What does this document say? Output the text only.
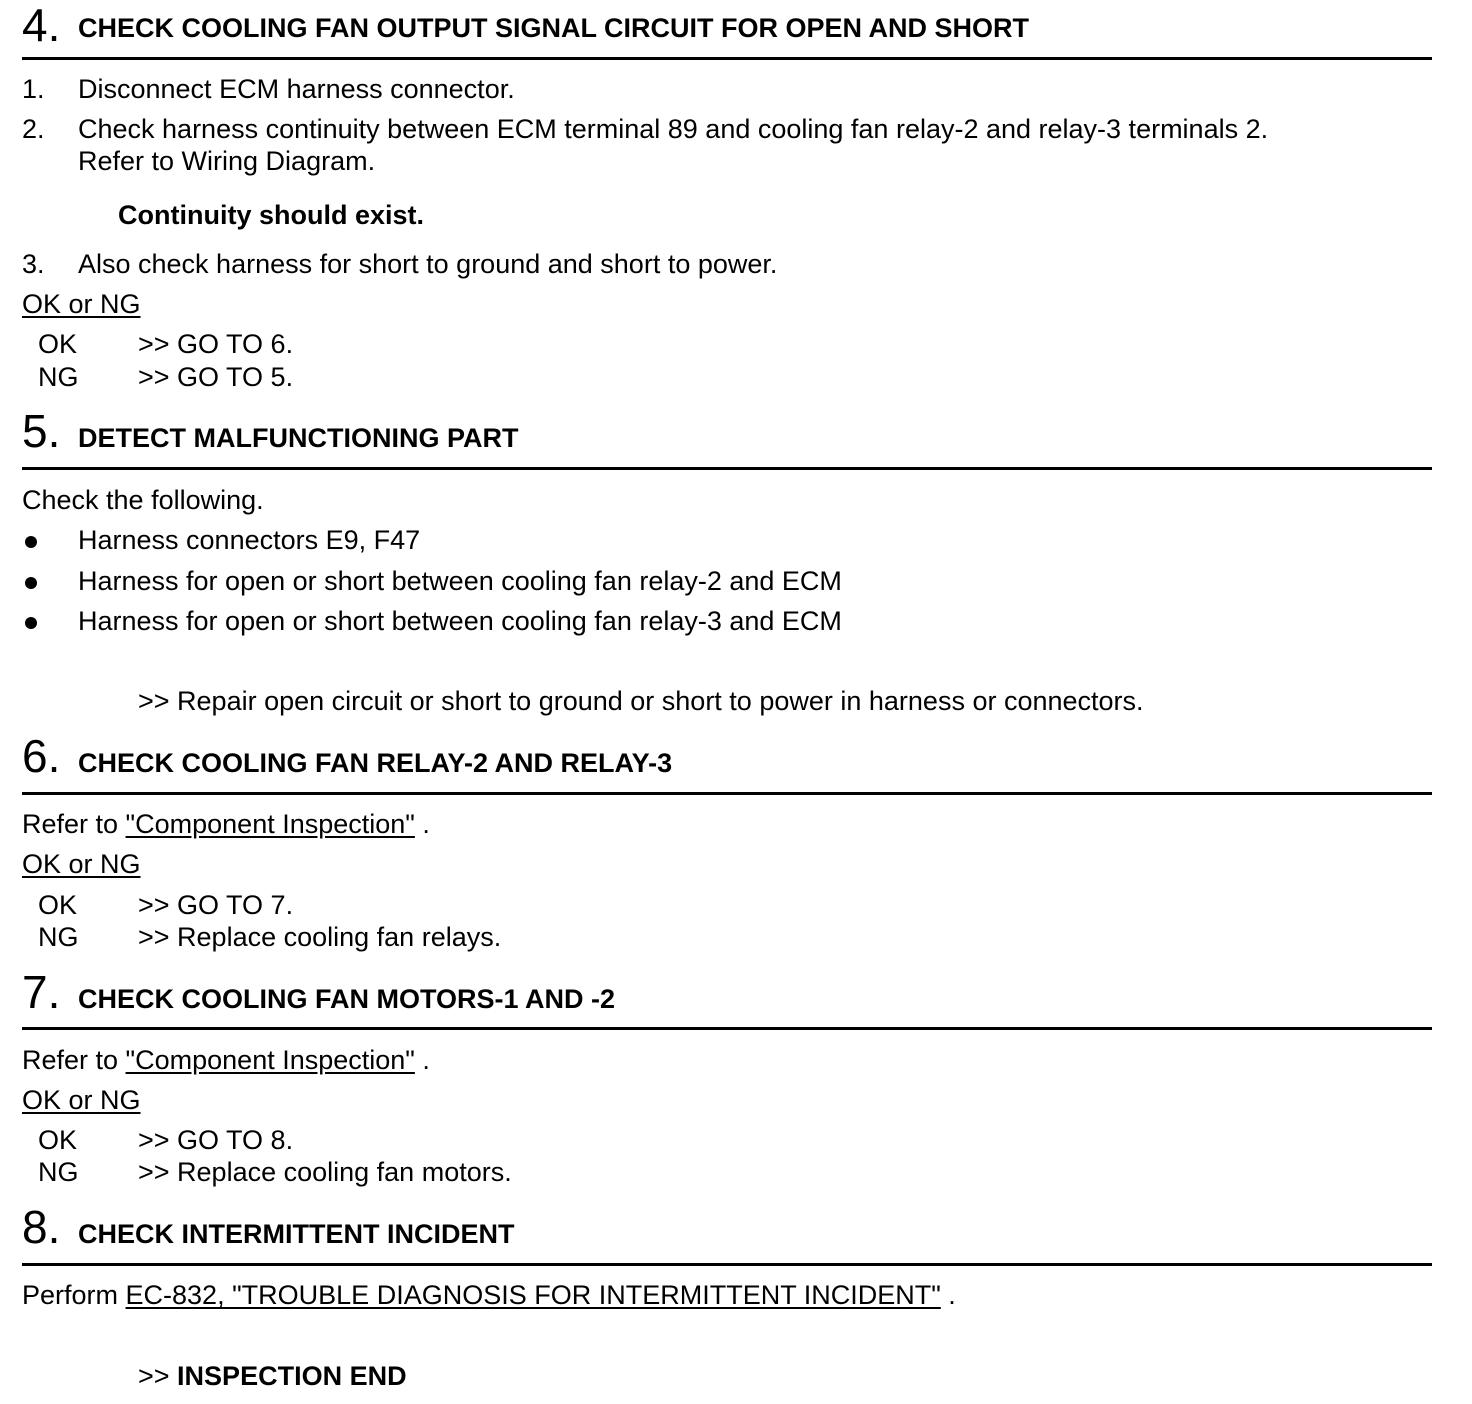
4. CHECK COOLING FAN OUTPUT SIGNAL CIRCUIT FOR OPEN AND SHORT
1. Disconnect ECM harness connector.
2. Check harness continuity between ECM terminal 89 and cooling fan relay-2 and relay-3 terminals 2.
Refer to Wiring Diagram.
Continuity should exist.
3. Also check harness for short to ground and short to power.
OK or NG
OK >> GO TO 6.
NG >> GO TO 5.
5. DETECT MALFUNCTIONING PART
Check the following.
Harness connectors E9, F47
Harness for open or short between cooling fan relay-2 and ECM
Harness for open or short between cooling fan relay-3 and ECM
>> Repair open circuit or short to ground or short to power in harness or connectors.
6. CHECK COOLING FAN RELAY-2 AND RELAY-3
Refer to "Component Inspection" .
OK or NG
OK >> GO TO 7.
NG >> Replace cooling fan relays.
7. CHECK COOLING FAN MOTORS-1 AND -2
Refer to "Component Inspection" .
OK or NG
OK >> GO TO 8.
NG >> Replace cooling fan motors.
8. CHECK INTERMITTENT INCIDENT
Perform EC-832, "TROUBLE DIAGNOSIS FOR INTERMITTENT INCIDENT" .
>> INSPECTION END
